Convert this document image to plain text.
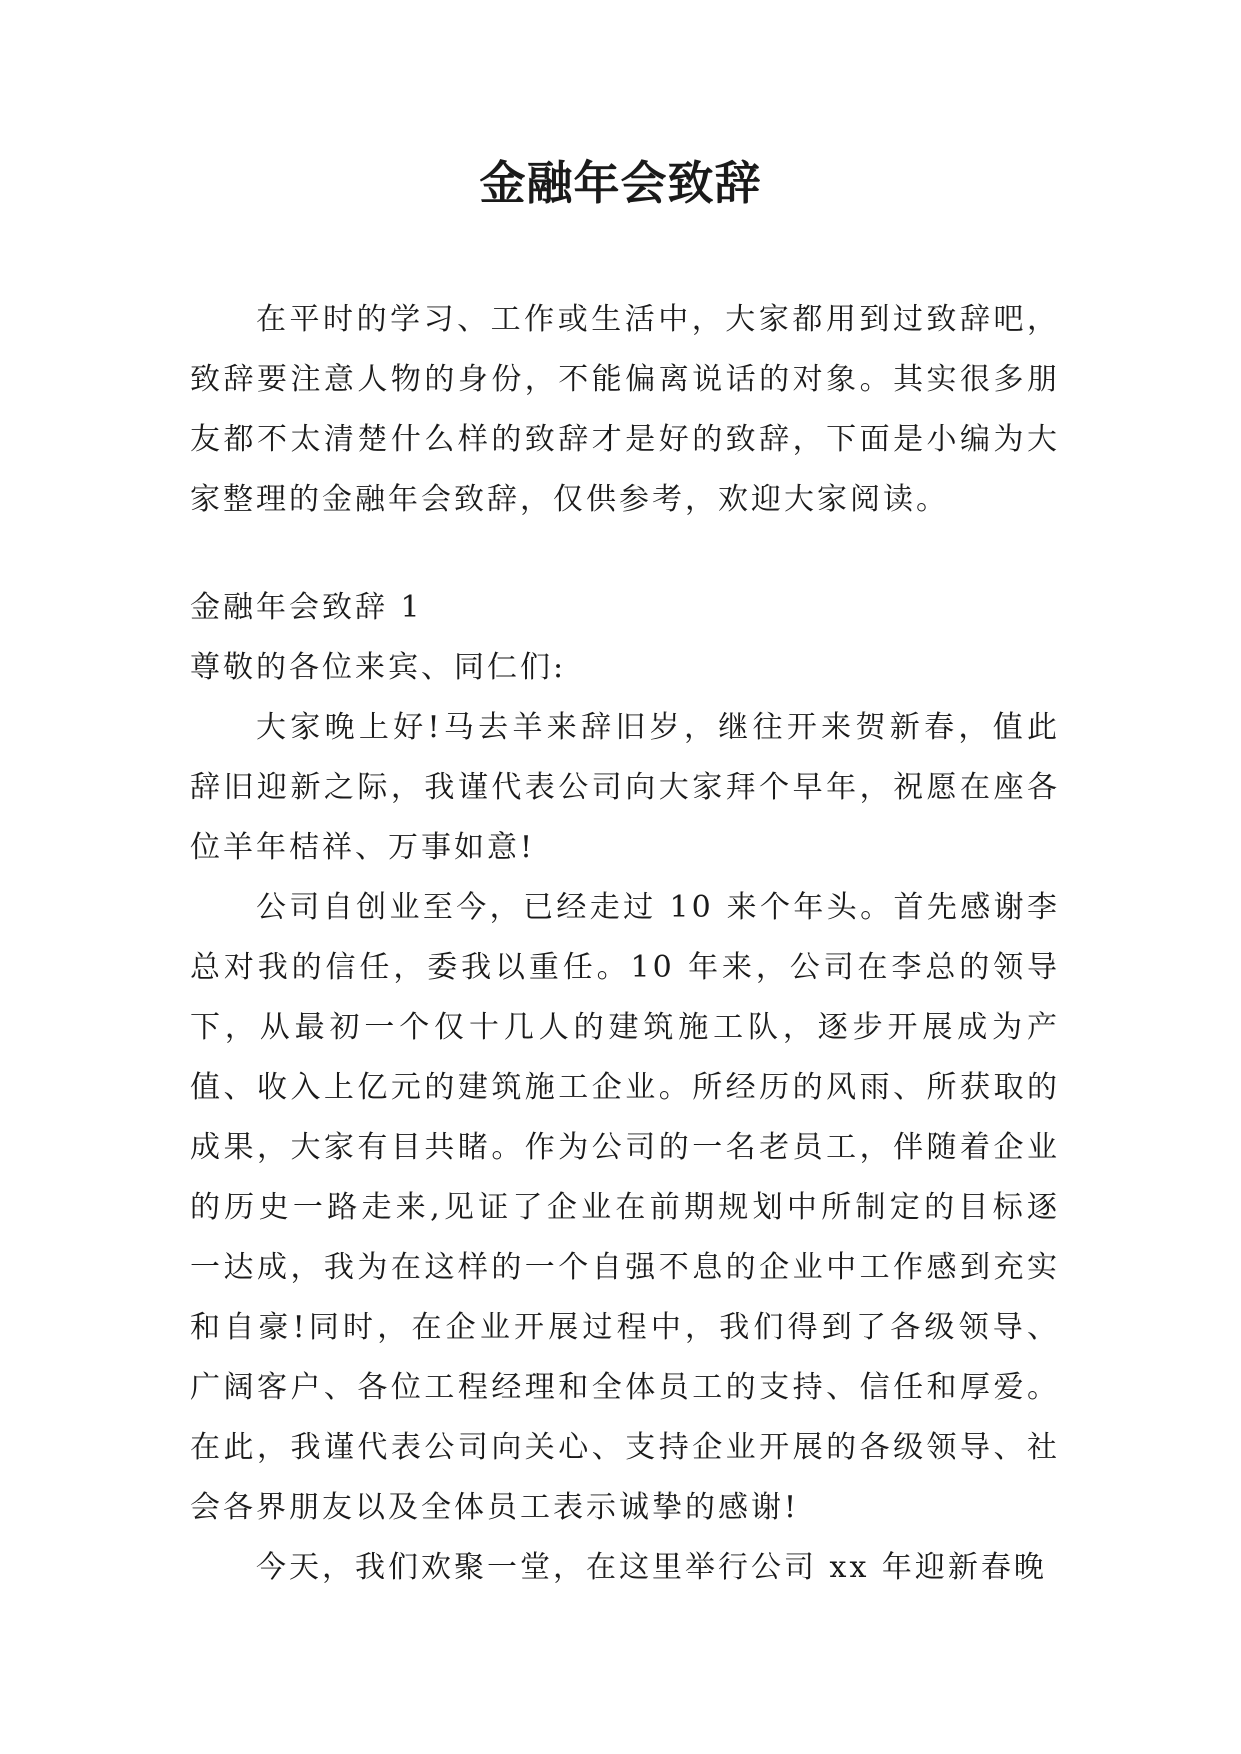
金融年会致辞

在平时的学习、工作或生活中，大家都用到过致辞吧，致辞要注意人物的身份，不能偏离说话的对象。其实很多朋友都不太清楚什么样的致辞才是好的致辞，下面是小编为大家整理的金融年会致辞，仅供参考，欢迎大家阅读。

金融年会致辞 1
尊敬的各位来宾、同仁们:

大家晚上好!马去羊来辞旧岁，继往开来贺新春，值此辞旧迎新之际，我谨代表公司向大家拜个早年，祝愿在座各位羊年桔祥、万事如意!

公司自创业至今，已经走过 10 来个年头。首先感谢李总对我的信任，委我以重任。10 年来，公司在李总的领导下，从最初一个仅十几人的建筑施工队，逐步开展成为产值、收入上亿元的建筑施工企业。所经历的风雨、所获取的成果，大家有目共睹。作为公司的一名老员工，伴随着企业的历史一路走来,见证了企业在前期规划中所制定的目标逐一达成，我为在这样的一个自强不息的企业中工作感到充实和自豪!同时，在企业开展过程中，我们得到了各级领导、广阔客户、各位工程经理和全体员工的支持、信任和厚爱。在此，我谨代表公司向关心、支持企业开展的各级领导、社会各界朋友以及全体员工表示诚挚的感谢!

今天，我们欢聚一堂，在这里举行公司 xx 年迎新春晚
